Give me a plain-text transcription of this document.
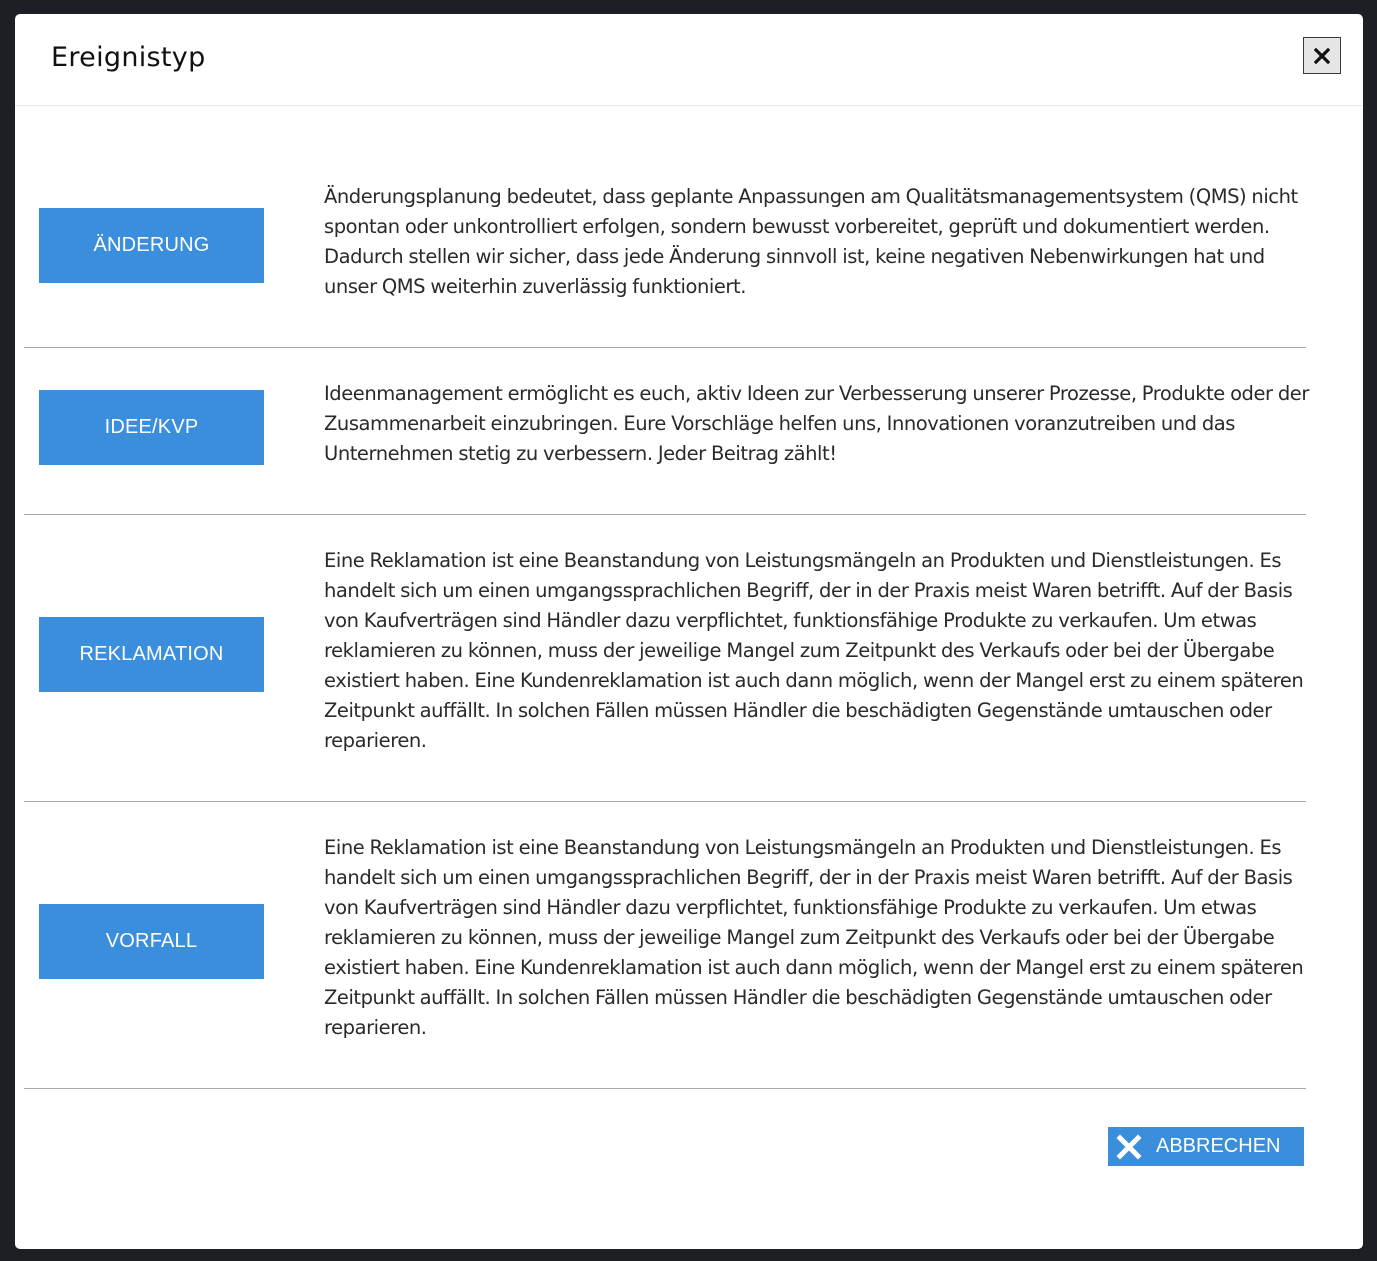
Ereignistyp
ÄNDERUNG

Änderungsplanung bedeutet, dass geplante Anpassungen am Qualitätsmanagementsystem (QMS) nicht spontan oder unkontrolliert erfolgen, sondern bewusst vorbereitet, geprüft und dokumentiert werden. Dadurch stellen wir sicher, dass jede Änderung sinnvoll ist, keine negativen Nebenwirkungen hat und unser QMS weiterhin zuverlässig funktioniert.

IDEE/KVP

Ideenmanagement ermöglicht es euch, aktiv Ideen zur Verbesserung unserer Prozesse, Produkte oder der Zusammenarbeit einzubringen. Eure Vorschläge helfen uns, Innovationen voranzutreiben und das Unternehmen stetig zu verbessern. Jeder Beitrag zählt!

REKLAMATION

Eine Reklamation ist eine Beanstandung von Leistungsmängeln an Produkten und Dienstleistungen. Es handelt sich um einen umgangssprachlichen Begriff, der in der Praxis meist Waren betrifft. Auf der Basis von Kaufverträgen sind Händler dazu verpflichtet, funktionsfähige Produkte zu verkaufen. Um etwas reklamieren zu können, muss der jeweilige Mangel zum Zeitpunkt des Verkaufs oder bei der Übergabe existiert haben. Eine Kundenreklamation ist auch dann möglich, wenn der Mangel erst zu einem späteren Zeitpunkt auffällt. In solchen Fällen müssen Händler die beschädigten Gegenstände umtauschen oder reparieren.

VORFALL

Eine Reklamation ist eine Beanstandung von Leistungsmängeln an Produkten und Dienstleistungen. Es handelt sich um einen umgangssprachlichen Begriff, der in der Praxis meist Waren betrifft. Auf der Basis von Kaufverträgen sind Händler dazu verpflichtet, funktionsfähige Produkte zu verkaufen. Um etwas reklamieren zu können, muss der jeweilige Mangel zum Zeitpunkt des Verkaufs oder bei der Übergabe existiert haben. Eine Kundenreklamation ist auch dann möglich, wenn der Mangel erst zu einem späteren Zeitpunkt auffällt. In solchen Fällen müssen Händler die beschädigten Gegenstände umtauschen oder reparieren.

ABBRECHEN
